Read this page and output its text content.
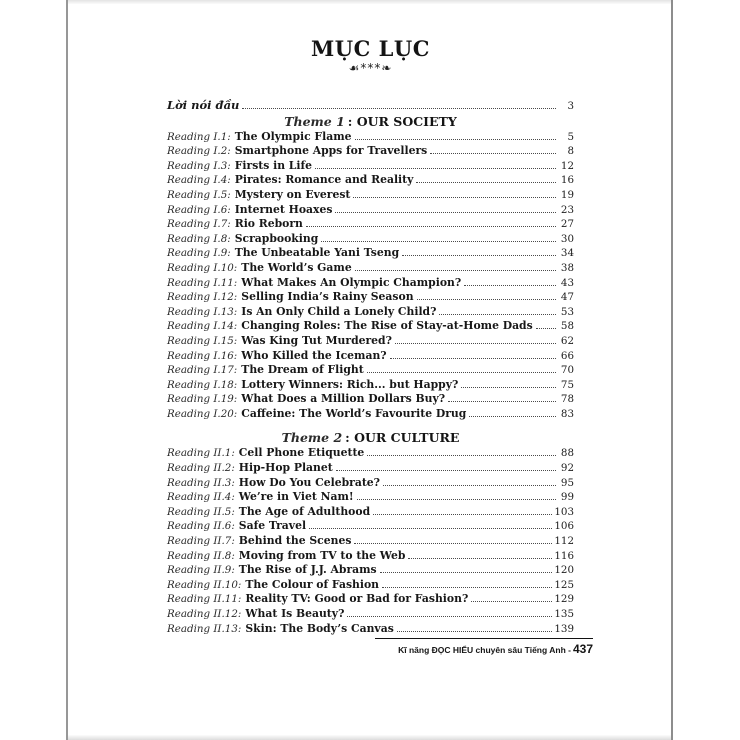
MỤC LỤC
☙***❧
Lời nói đầu	3
Theme 1 : OUR SOCIETY
Reading I.1: The Olympic Flame	5
Reading I.2: Smartphone Apps for Travellers	8
Reading I.3: Firsts in Life	12
Reading I.4: Pirates: Romance and Reality	16
Reading I.5: Mystery on Everest	19
Reading I.6: Internet Hoaxes	23
Reading I.7: Rio Reborn	27
Reading I.8: Scrapbooking	30
Reading I.9: The Unbeatable Yani Tseng	34
Reading I.10: The World’s Game	38
Reading I.11: What Makes An Olympic Champion?	43
Reading I.12: Selling India’s Rainy Season	47
Reading I.13: Is An Only Child a Lonely Child?	53
Reading I.14: Changing Roles: The Rise of Stay-at-Home Dads	58
Reading I.15: Was King Tut Murdered?	62
Reading I.16: Who Killed the Iceman?	66
Reading I.17: The Dream of Flight	70
Reading I.18: Lottery Winners: Rich... but Happy?	75
Reading I.19: What Does a Million Dollars Buy?	78
Reading I.20: Caffeine: The World’s Favourite Drug	83
Theme 2 : OUR CULTURE
Reading II.1: Cell Phone Etiquette	88
Reading II.2: Hip-Hop Planet	92
Reading II.3: How Do You Celebrate?	95
Reading II.4: We’re in Viet Nam!	99
Reading II.5: The Age of Adulthood	103
Reading II.6: Safe Travel	106
Reading II.7: Behind the Scenes	112
Reading II.8: Moving from TV to the Web	116
Reading II.9: The Rise of J.J. Abrams	120
Reading II.10: The Colour of Fashion	125
Reading II.11: Reality TV: Good or Bad for Fashion?	129
Reading II.12: What Is Beauty?	135
Reading II.13: Skin: The Body’s Canvas	139
Kĩ năng ĐỌC HIỂU chuyên sâu Tiếng Anh - 437
